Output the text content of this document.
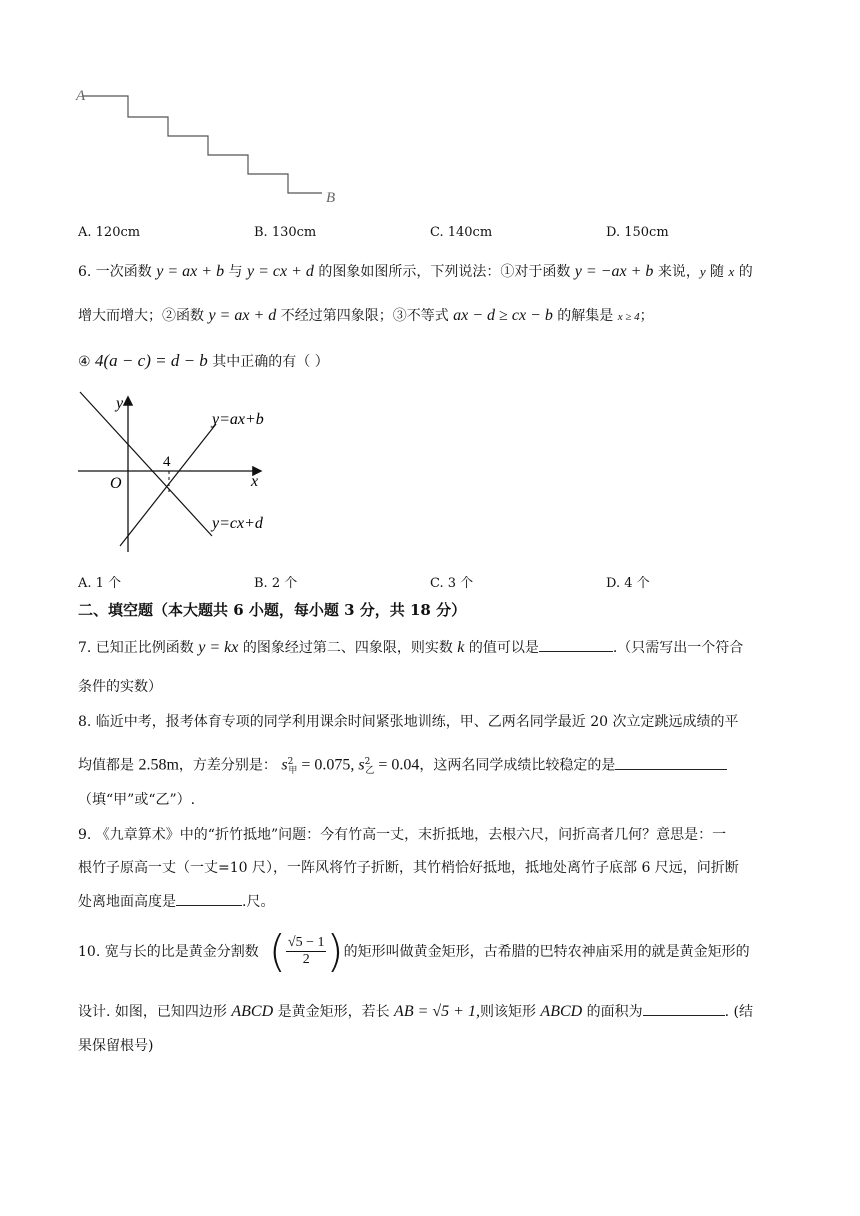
A
B
A. 120cm	B. 130cm	C. 140cm	D. 150cm
6. 一次函数 y = ax + b 与 y = cx + d 的图象如图所示，下列说法：①对于函数 y = −ax + b 来说，y 随 x 的
增大而增大；②函数 y = ax + d 不经过第四象限；③不等式 ax − d ≥ cx − b 的解集是 x ≥ 4；
④ 4(a − c) = d − b 其中正确的有（ ）
y
x
O
4
y=ax+b
y=cx+d
A. 1 个	B. 2 个	C. 3 个	D. 4 个
二、填空题（本大题共 6 小题，每小题 3 分，共 18 分）
7. 已知正比例函数 y = kx 的图象经过第二、四象限，则实数 k 的值可以是	.（只需写出一个符合
条件的实数）
8. 临近中考，报考体育专项的同学利用课余时间紧张地训练，甲、乙两名同学最近 20 次立定跳远成绩的平
均值都是 2.58m，方差分别是： $s^2_甲 = 0.075$, $s^2_乙 = 0.04$，这两名同学成绩比较稳定的是
（填“甲”或“乙”）.
9. 《九章算术》中的“折竹抵地”问题：今有竹高一丈，末折抵地，去根六尺，问折高者几何？意思是：一
根竹子原高一丈（一丈=10 尺），一阵风将竹子折断，其竹梢恰好抵地，抵地处离竹子底部 6 尺远，问折断
处离地面高度是	.尺。
10. 宽与长的比是黄金分割数 ( $\frac{√5 - 1}{2}$ ) 的矩形叫做黄金矩形，古希腊的巴特农神庙采用的就是黄金矩形的
设计. 如图，已知四边形 ABCD 是黄金矩形，若长 AB = √5 + 1,则该矩形 ABCD 的面积为	. (结
果保留根号)
